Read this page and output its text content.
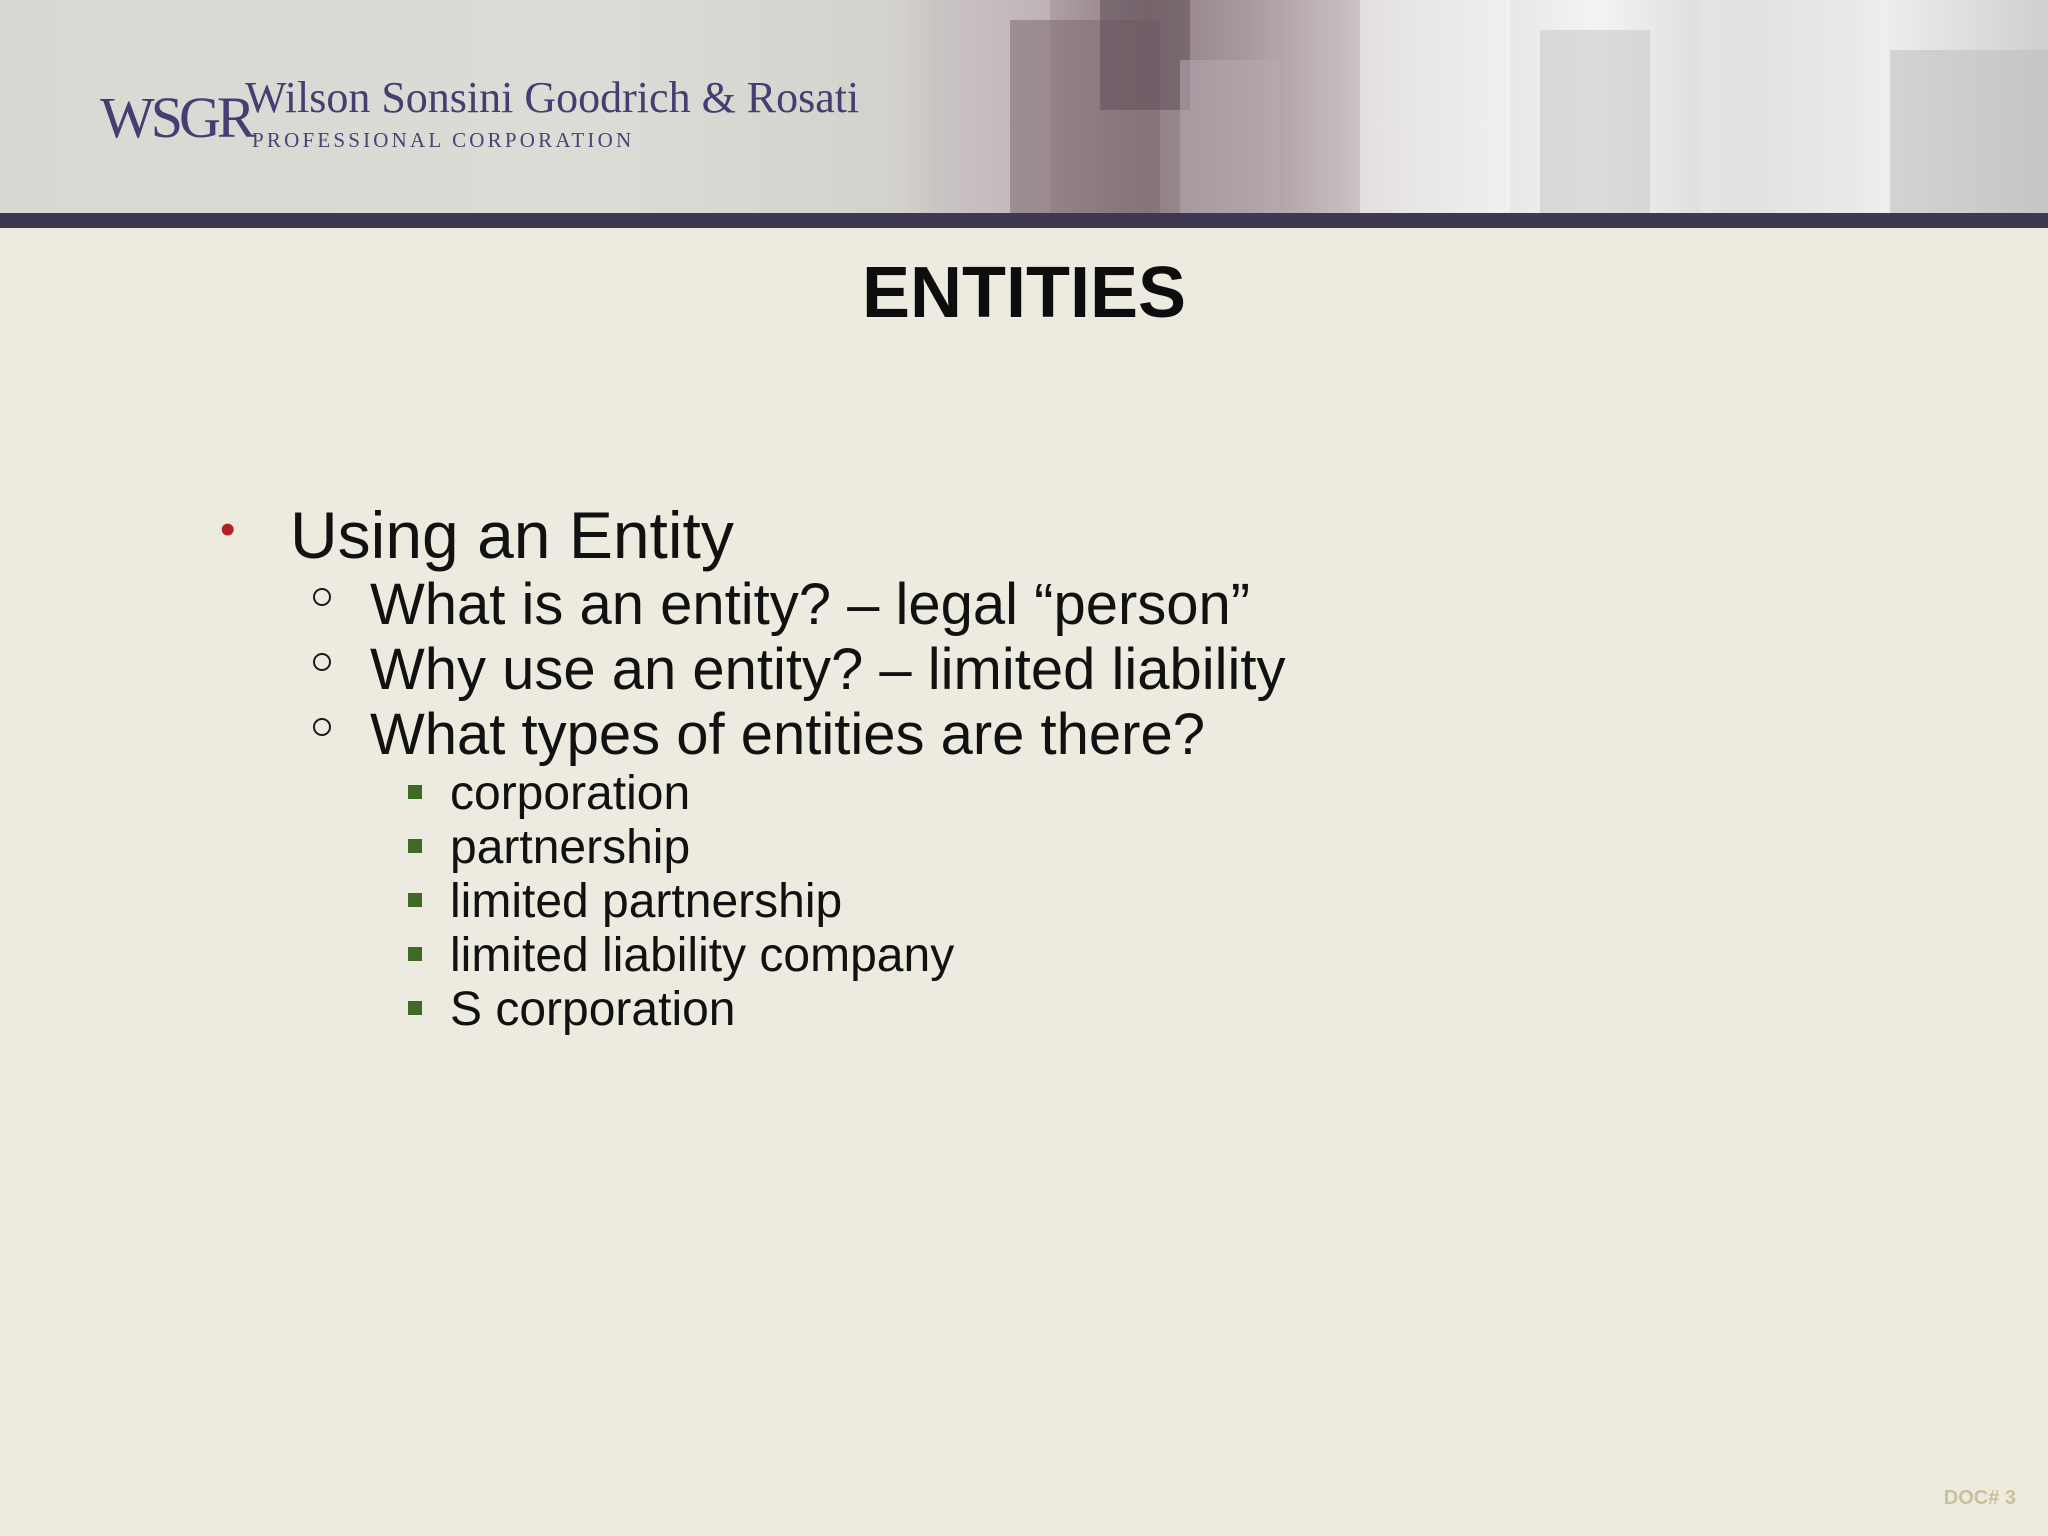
WSGR
Wilson Sonsini Goodrich & Rosati
PROFESSIONAL CORPORATION
ENTITIES
• Using an Entity
What is an entity? – legal “person”
Why use an entity? – limited liability
What types of entities are there?
corporation
partnership
limited partnership
limited liability company
S corporation
DOC# 3
